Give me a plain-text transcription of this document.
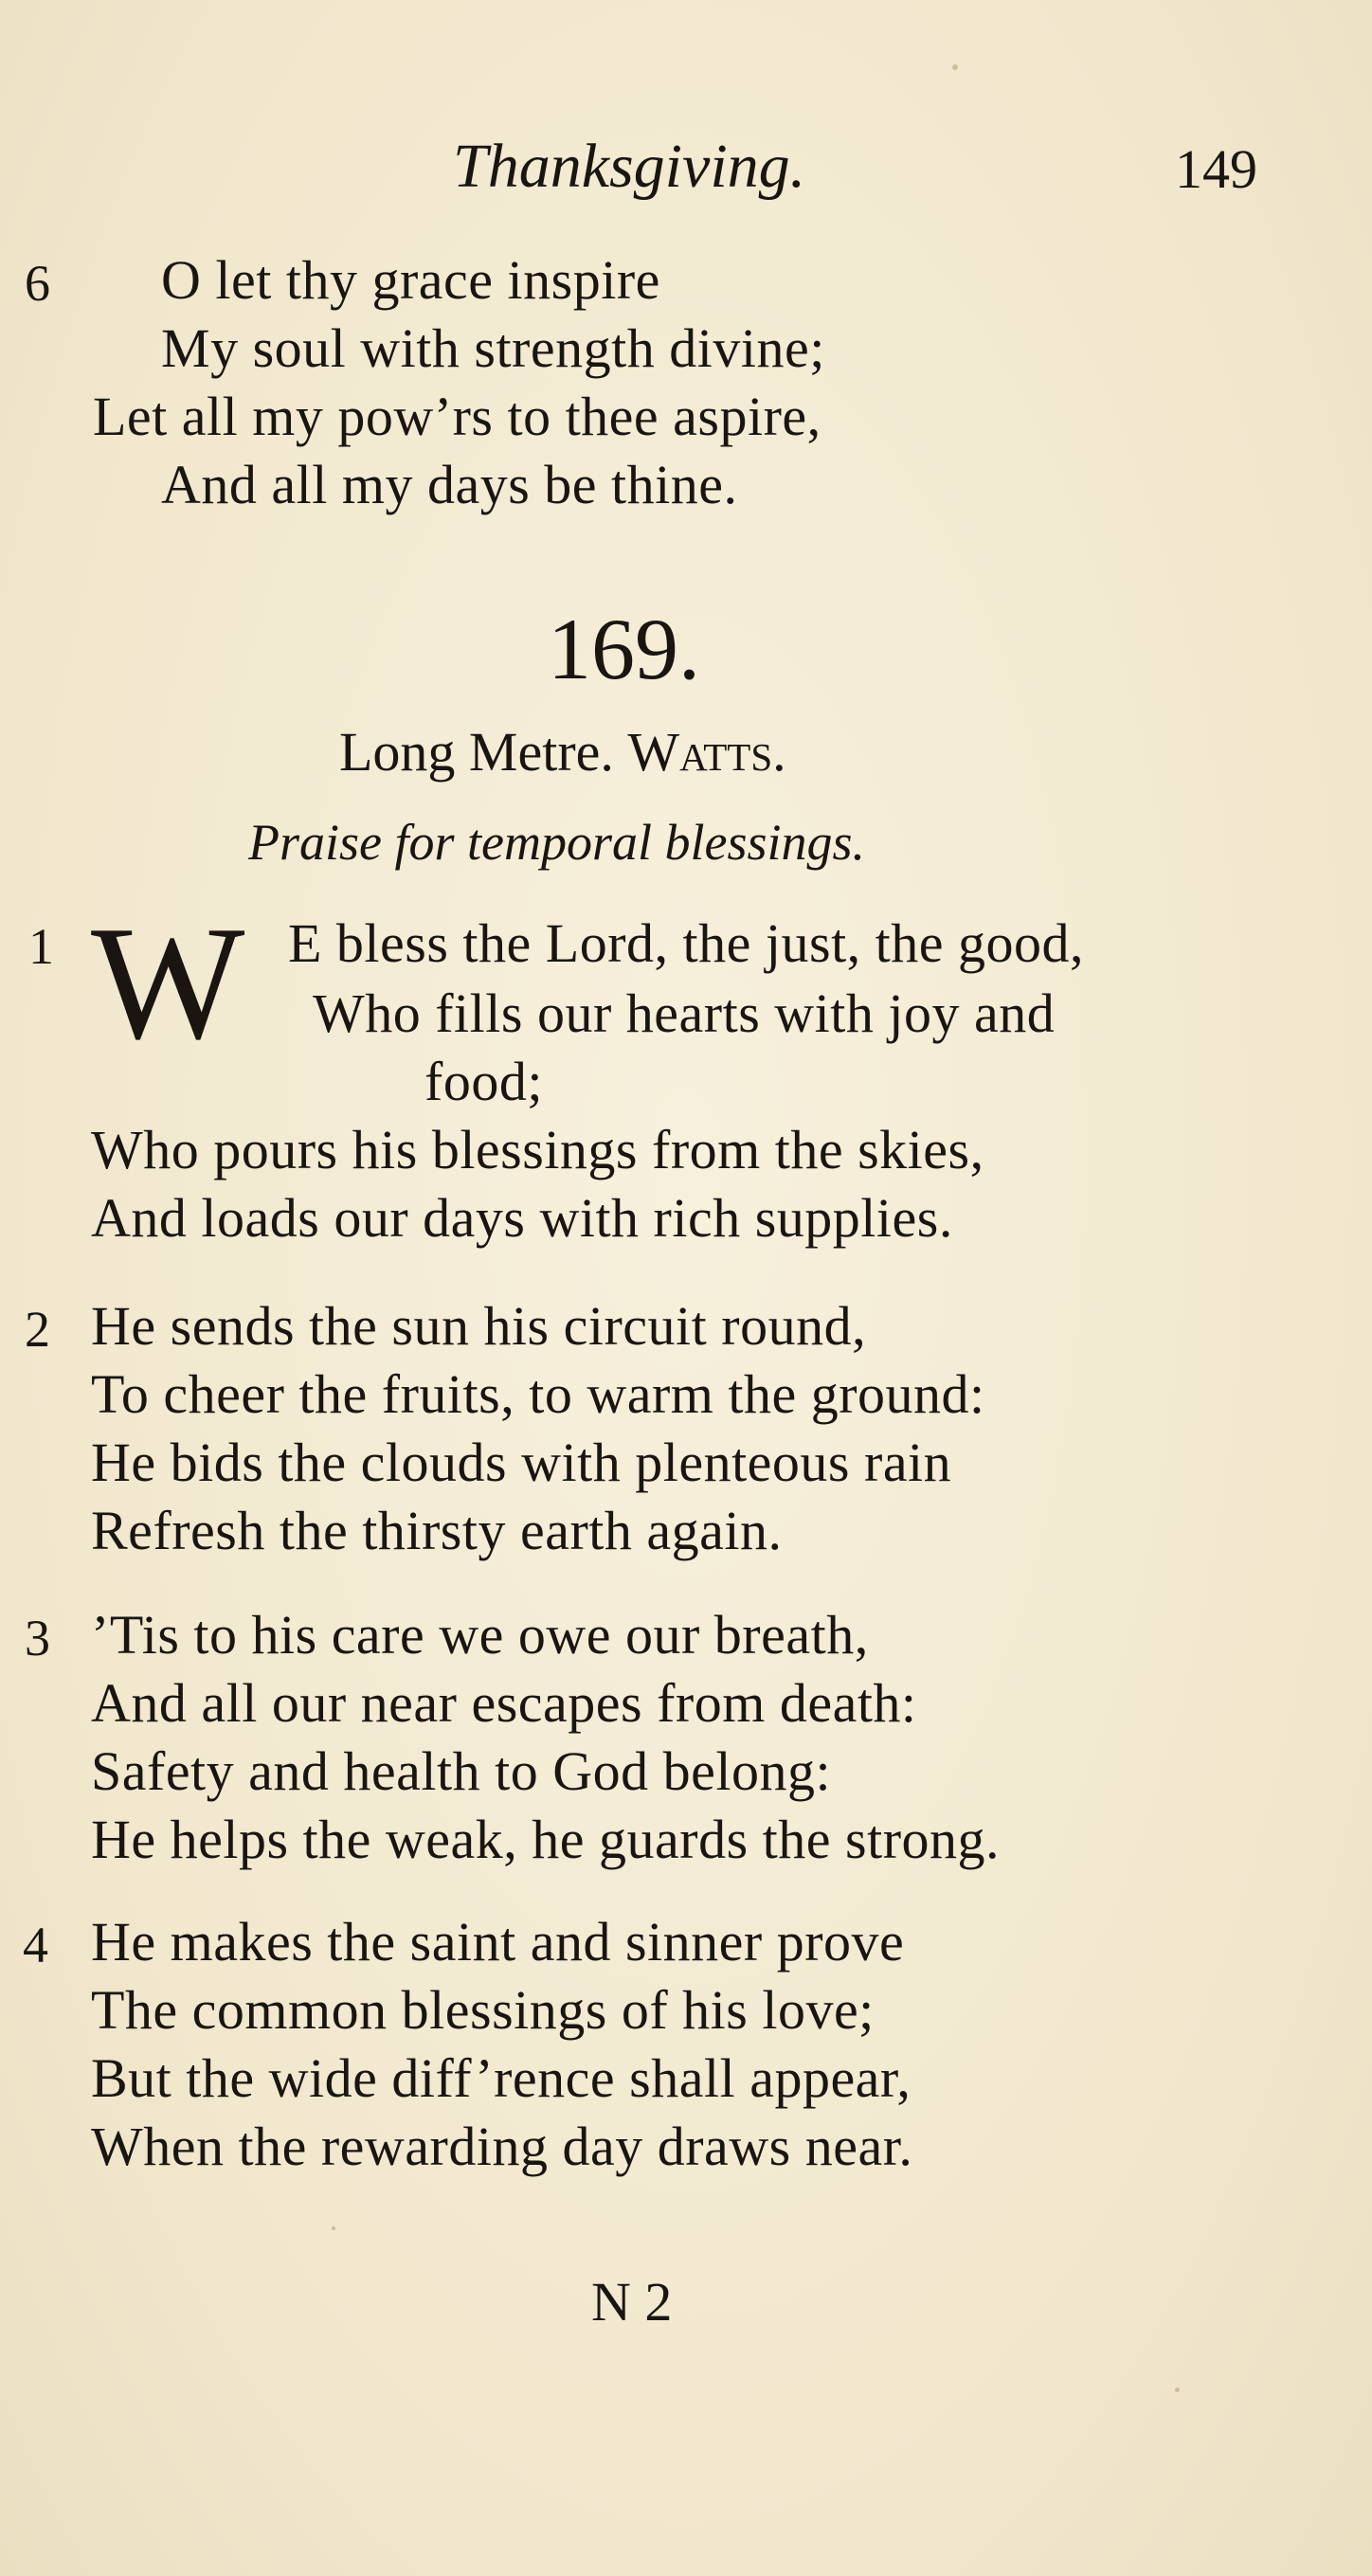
Thanksgiving.	149
6 O let thy grace inspire
My soul with strength divine;
Let all my pow’rs to thee aspire,
And all my days be thine.
169.
Long Metre. Watts.
Praise for temporal blessings.
1 W E bless the Lord, the just, the good,
Who fills our hearts with joy and
food;
Who pours his blessings from the skies,
And loads our days with rich supplies.
2 He sends the sun his circuit round,
To cheer the fruits, to warm the ground:
He bids the clouds with plenteous rain
Refresh the thirsty earth again.
3 ’Tis to his care we owe our breath,
And all our near escapes from death:
Safety and health to God belong:
He helps the weak, he guards the strong.
4 He makes the saint and sinner prove
The common blessings of his love;
But the wide diff’rence shall appear,
When the rewarding day draws near.
N 2
